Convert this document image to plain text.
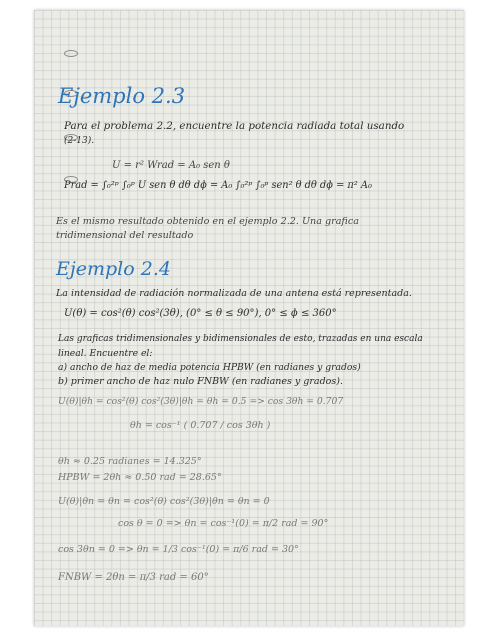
Ejemplo 2.3
Para el problema 2.2, encuentre la potencia radiada total usando
(2-13).
U = r² Wrad = A₀ sen θ
Prad = ∫₀²ᵖ ∫₀ᵖ U sen θ dθ dɸ = A₀ ∫₀²ᵖ ∫₀ᵖ sen² θ dθ dɸ = π² A₀
Es el mismo resultado obtenido en el ejemplo 2.2. Una grafica
tridimensional del resultado
Ejemplo 2.4
La intensidad de radiación normalizada de una antena está representada.
U(θ) = cos²(θ) cos²(3θ), (0° ≤ θ ≤ 90°), 0° ≤ ɸ ≤ 360°
Las graficas tridimensionales y bidimensionales de esto, trazadas en una escala
lineal. Encuentre el:
a) ancho de haz de media potencia HPBW (en radianes y grados)
b) primer ancho de haz nulo FNBW (en radianes y grados).
U(θ)|θh = cos²(θ) cos²(3θ)|θh = θh = 0.5 => cos 3θh = 0.707
θh = cos⁻¹ ( 0.707 / cos 3θh )
θh ≈ 0.25 radianes = 14.325°
HPBW = 2θh ≈ 0.50 rad = 28.65°
U(θ)|θn = θn = cos²(θ) cos²(3θ)|θn = θn = 0
cos θ = 0 => θn = cos⁻¹(0) = π/2 rad = 90°
cos 3θn = 0 => θn = 1/3 cos⁻¹(0) = π/6 rad = 30°
FNBW = 2θn = π/3 rad = 60°
